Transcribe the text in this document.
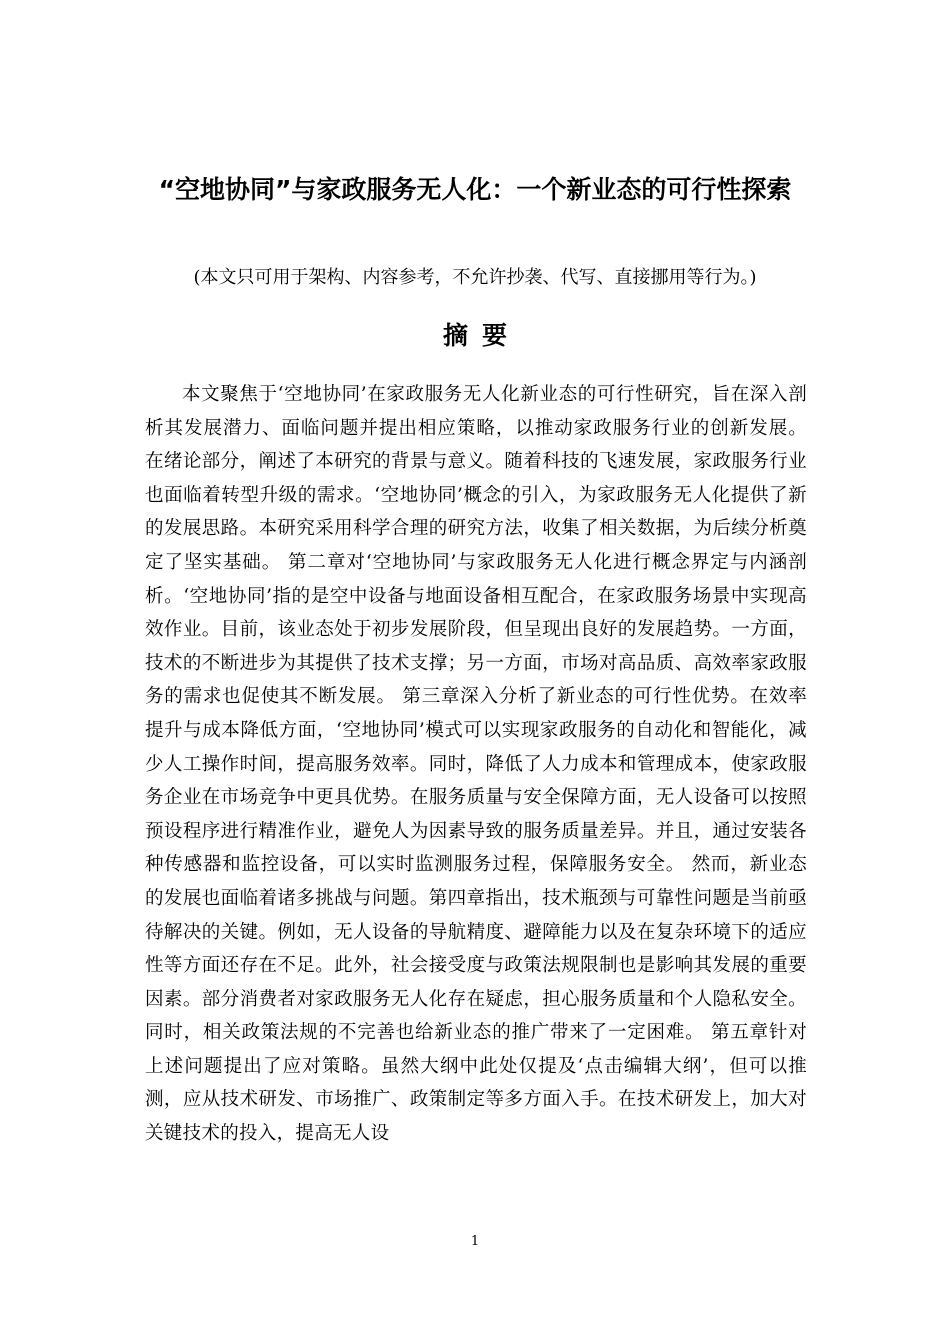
“空地协同”与家政服务无人化：一个新业态的可行性探索

(本文只可用于架构、内容参考，不允许抄袭、代写、直接挪用等行为。)

摘要

本文聚焦于‘空地协同’在家政服务无人化新业态的可行性研究，旨在深入剖析其发展潜力、面临问题并提出相应策略，以推动家政服务行业的创新发展。 在绪论部分，阐述了本研究的背景与意义。随着科技的飞速发展，家政服务行业也面临着转型升级的需求。‘空地协同’概念的引入，为家政服务无人化提供了新的发展思路。本研究采用科学合理的研究方法，收集了相关数据，为后续分析奠定了坚实基础。 第二章对‘空地协同’与家政服务无人化进行概念界定与内涵剖析。‘空地协同’指的是空中设备与地面设备相互配合，在家政服务场景中实现高效作业。目前，该业态处于初步发展阶段，但呈现出良好的发展趋势。一方面，技术的不断进步为其提供了技术支撑；另一方面，市场对高品质、高效率家政服务的需求也促使其不断发展。 第三章深入分析了新业态的可行性优势。在效率提升与成本降低方面，‘空地协同’模式可以实现家政服务的自动化和智能化，减少人工操作时间，提高服务效率。同时，降低了人力成本和管理成本，使家政服务企业在市场竞争中更具优势。在服务质量与安全保障方面，无人设备可以按照预设程序进行精准作业，避免人为因素导致的服务质量差异。并且，通过安装各种传感器和监控设备，可以实时监测服务过程，保障服务安全。 然而，新业态的发展也面临着诸多挑战与问题。第四章指出，技术瓶颈与可靠性问题是当前亟待解决的关键。例如，无人设备的导航精度、避障能力以及在复杂环境下的适应性等方面还存在不足。此外，社会接受度与政策法规限制也是影响其发展的重要因素。部分消费者对家政服务无人化存在疑虑，担心服务质量和个人隐私安全。同时，相关政策法规的不完善也给新业态的推广带来了一定困难。 第五章针对上述问题提出了应对策略。虽然大纲中此处仅提及‘点击编辑大纲’，但可以推测，应从技术研发、市场推广、政策制定等多方面入手。在技术研发上，加大对关键技术的投入，提高无人设

1
